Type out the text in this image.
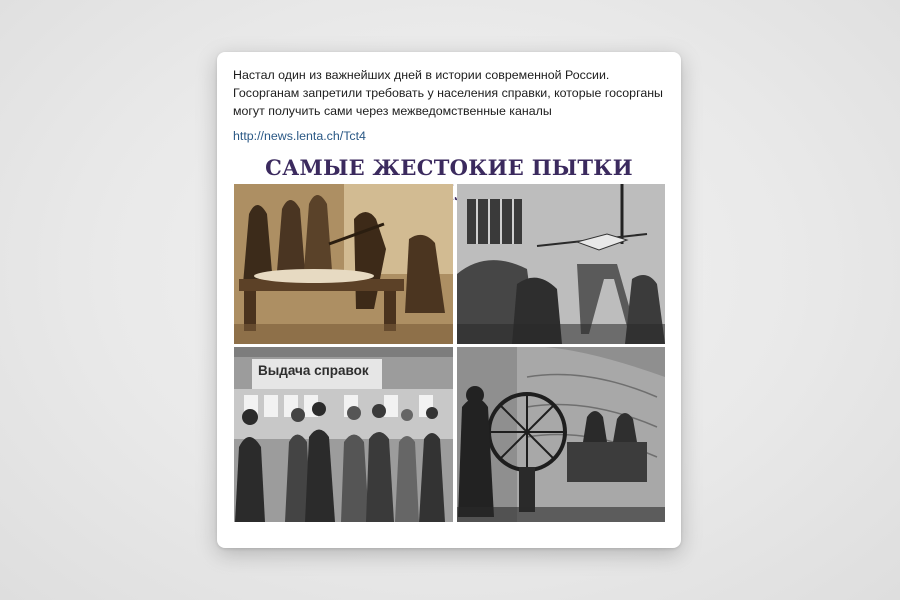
Настал один из важнейших дней в истории современной России.

Госорганам запретили требовать у населения справки, которые госорганы

могут получить сами через межведомственные каналы

http://news.lenta.ch/Tct4
САМЫЕ ЖЕСТОКИЕ ПЫТКИ
Выдача справок
